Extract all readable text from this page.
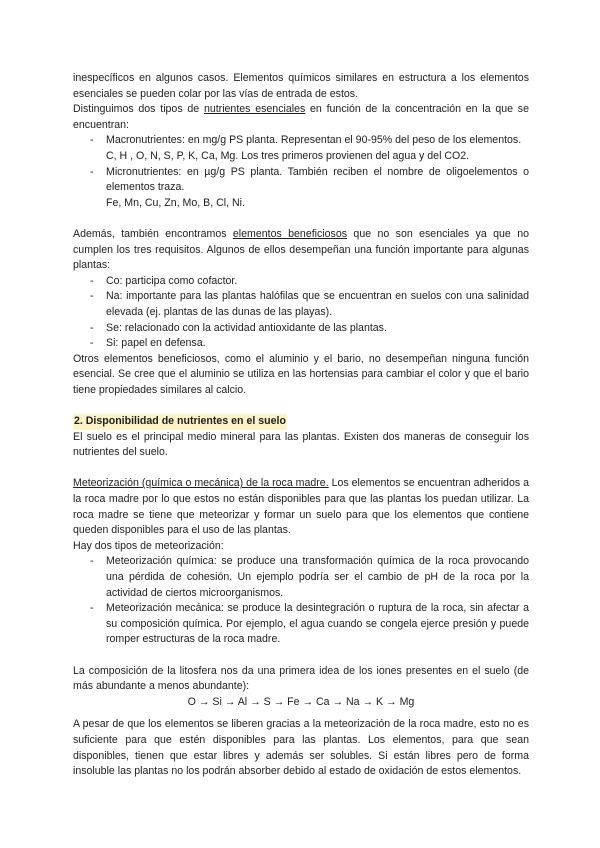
inespecíficos en algunos casos. Elementos químicos similares en estructura a los elementos esenciales se pueden colar por las vías de entrada de estos.

Distinguimos dos tipos de nutrientes esenciales en función de la concentración en la que se encuentran:

- Macronutrientes: en mg/g PS planta. Representan el 90-95% del peso de los elementos.
C, H , O, N, S, P, K, Ca, Mg. Los tres primeros provienen del agua y del CO2.
- Micronutrientes: en µg/g PS planta. También reciben el nombre de oligoelementos o elementos traza.
Fe, Mn, Cu, Zn, Mo, B, Cl, Ni.

Además, también encontramos elementos beneficiosos que no son esenciales ya que no cumplen los tres requisitos. Algunos de ellos desempeñan una función importante para algunas plantas:

- Co: participa como cofactor.
- Na: importante para las plantas halófilas que se encuentran en suelos con una salinidad elevada (ej. plantas de las dunas de las playas).
- Se: relacionado con la actividad antioxidante de las plantas.
- Si: papel en defensa.

Otros elementos beneficiosos, como el aluminio y el bario, no desempeñan ninguna función esencial. Se cree que el aluminio se utiliza en las hortensias para cambiar el color y que el bario tiene propiedades similares al calcio.

2. Disponibilidad de nutrientes en el suelo

El suelo es el principal medio mineral para las plantas. Existen dos maneras de conseguir los nutrientes del suelo.

Meteorización (química o mecánica) de la roca madre. Los elementos se encuentran adheridos a la roca madre por lo que estos no están disponibles para que las plantas los puedan utilizar. La roca madre se tiene que meteorizar y formar un suelo para que los elementos que contiene queden disponibles para el uso de las plantas.

Hay dos tipos de meteorización:

- Meteorización química: se produce una transformación química de la roca provocando una pérdida de cohesión. Un ejemplo podría ser el cambio de pH de la roca por la actividad de ciertos microorganismos.
- Meteorización mecánica: se produce la desintegración o ruptura de la roca, sin afectar a su composición química. Por ejemplo, el agua cuando se congela ejerce presión y puede romper estructuras de la roca madre.

La composición de la litosfera nos da una primera idea de los iones presentes en el suelo (de más abundante a menos abundante):

O → Si → Al → S → Fe → Ca → Na → K → Mg

A pesar de que los elementos se liberen gracias a la meteorización de la roca madre, esto no es suficiente para que estén disponibles para las plantas. Los elementos, para que sean disponibles, tienen que estar libres y además ser solubles. Si están libres pero de forma insoluble las plantas no los podrán absorber debido al estado de oxidación de estos elementos.
